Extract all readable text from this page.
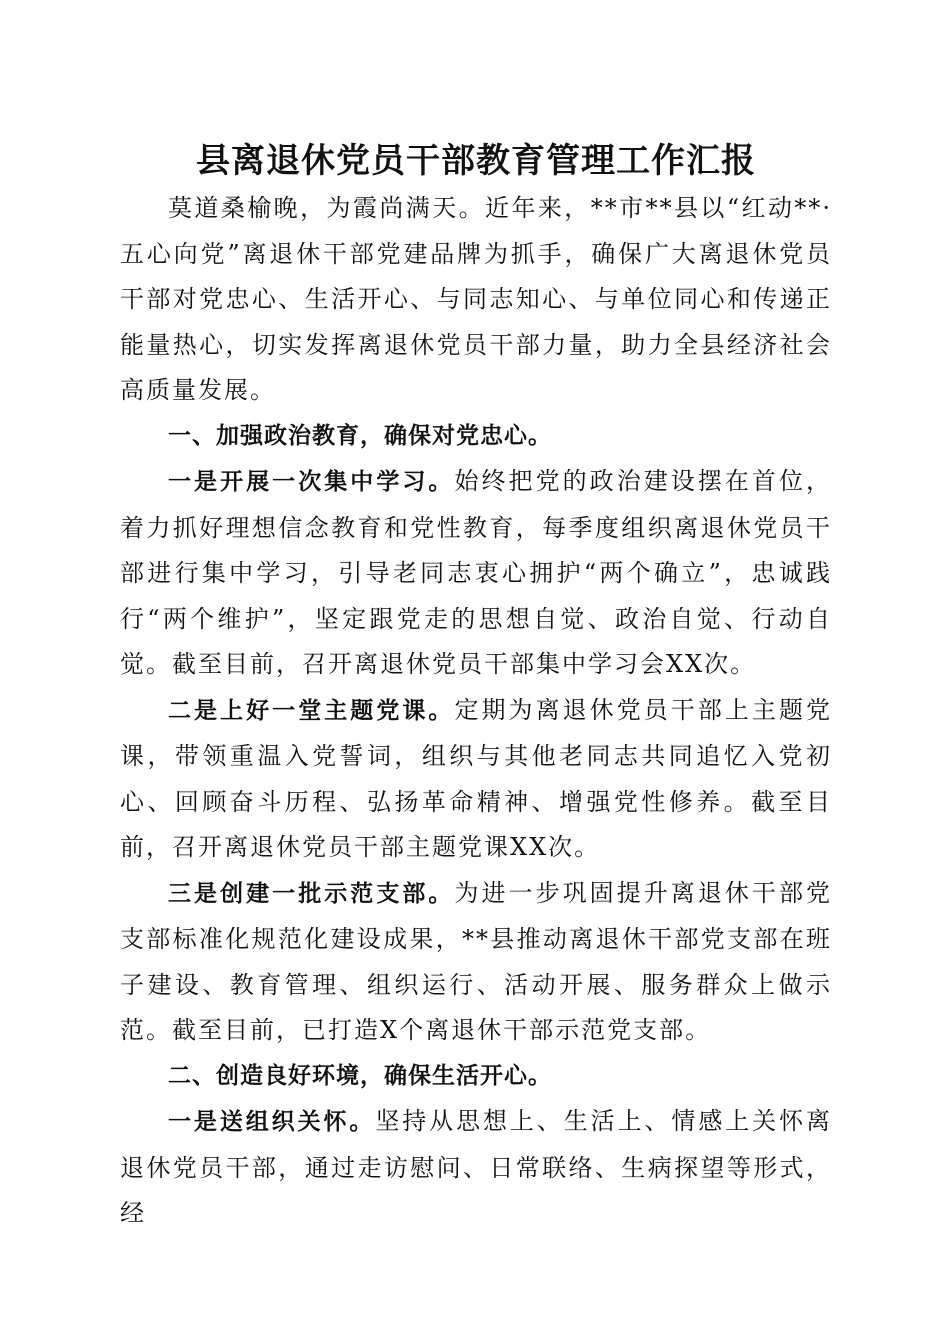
县离退休党员干部教育管理工作汇报

莫道桑榆晚，为霞尚满天。近年来，**市**县以“红动**·五心向党”离退休干部党建品牌为抓手，确保广大离退休党员干部对党忠心、生活开心、与同志知心、与单位同心和传递正能量热心，切实发挥离退休党员干部力量，助力全县经济社会高质量发展。

一、加强政治教育，确保对党忠心。

一是开展一次集中学习。始终把党的政治建设摆在首位，着力抓好理想信念教育和党性教育，每季度组织离退休党员干部进行集中学习，引导老同志衷心拥护“两个确立”，忠诚践行“两个维护”，坚定跟党走的思想自觉、政治自觉、行动自觉。截至目前，召开离退休党员干部集中学习会XX次。

二是上好一堂主题党课。定期为离退休党员干部上主题党课，带领重温入党誓词，组织与其他老同志共同追忆入党初心、回顾奋斗历程、弘扬革命精神、增强党性修养。截至目前，召开离退休党员干部主题党课XX次。

三是创建一批示范支部。为进一步巩固提升离退休干部党支部标准化规范化建设成果，**县推动离退休干部党支部在班子建设、教育管理、组织运行、活动开展、服务群众上做示范。截至目前，已打造X个离退休干部示范党支部。

二、创造良好环境，确保生活开心。

一是送组织关怀。坚持从思想上、生活上、情感上关怀离退休党员干部，通过走访慰问、日常联络、生病探望等形式，经
